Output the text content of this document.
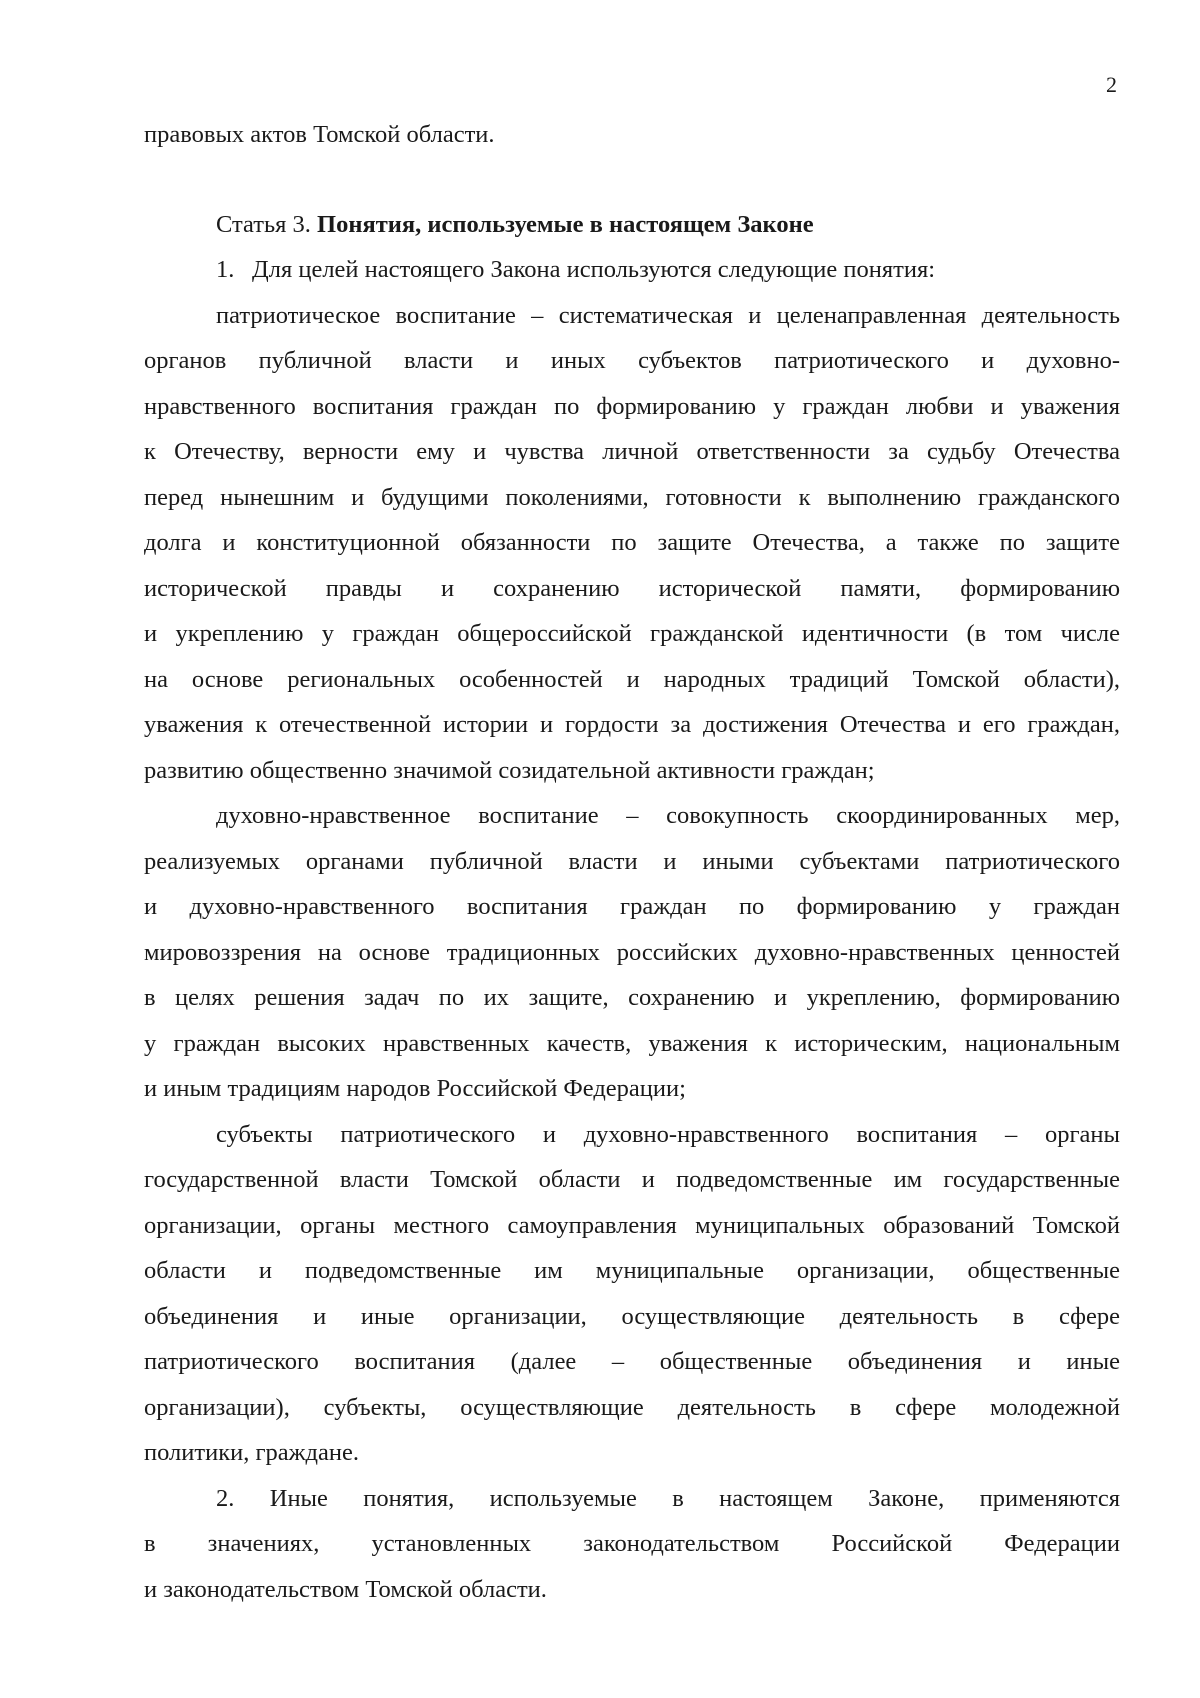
2
правовых актов Томской области.
Статья 3. Понятия, используемые в настоящем Законе
1. Для целей настоящего Закона используются следующие понятия:
патриотическое воспитание – систематическая и целенаправленная деятельность
органов публичной власти и иных субъектов патриотического и духовно-
нравственного воспитания граждан по формированию у граждан любви и уважения
к Отечеству, верности ему и чувства личной ответственности за судьбу Отечества
перед нынешним и будущими поколениями, готовности к выполнению гражданского
долга и конституционной обязанности по защите Отечества, а также по защите
исторической правды и сохранению исторической памяти, формированию
и укреплению у граждан общероссийской гражданской идентичности (в том числе
на основе региональных особенностей и народных традиций Томской области),
уважения к отечественной истории и гордости за достижения Отечества и его граждан,
развитию общественно значимой созидательной активности граждан;
духовно-нравственное воспитание – совокупность скоординированных мер,
реализуемых органами публичной власти и иными субъектами патриотического
и духовно-нравственного воспитания граждан по формированию у граждан
мировоззрения на основе традиционных российских духовно-нравственных ценностей
в целях решения задач по их защите, сохранению и укреплению, формированию
у граждан высоких нравственных качеств, уважения к историческим, национальным
и иным традициям народов Российской Федерации;
субъекты патриотического и духовно-нравственного воспитания – органы
государственной власти Томской области и подведомственные им государственные
организации, органы местного самоуправления муниципальных образований Томской
области и подведомственные им муниципальные организации, общественные
объединения и иные организации, осуществляющие деятельность в сфере
патриотического воспитания (далее – общественные объединения и иные
организации), субъекты, осуществляющие деятельность в сфере молодежной
политики, граждане.
2. Иные понятия, используемые в настоящем Законе, применяются
в значениях, установленных законодательством Российской Федерации
и законодательством Томской области.
